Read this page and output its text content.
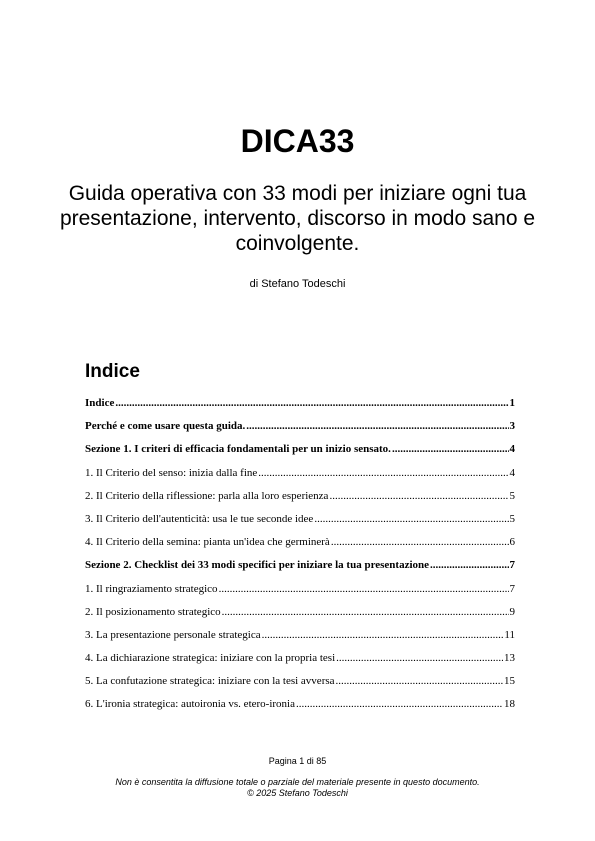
DICA33

Guida operativa con 33 modi per iniziare ogni tua presentazione, intervento, discorso in modo sano e coinvolgente.

di Stefano Todeschi
Indice
Indice .....	1
Perché e come usare questa guida. .....	3
Sezione 1. I criteri di efficacia fondamentali per un inizio sensato. .....	4
1. Il Criterio del senso: inizia dalla fine .....	4
2. Il Criterio della riflessione: parla alla loro esperienza .....	5
3. Il Criterio dell'autenticità: usa le tue seconde idee .....	5
4. Il Criterio della semina: pianta un'idea che germinerà .....	6
Sezione 2. Checklist dei 33 modi specifici per iniziare la tua presentazione .....	7
1. Il ringraziamento strategico .....	7
2. Il posizionamento strategico .....	9
3. La presentazione personale strategica .....	11
4. La dichiarazione strategica: iniziare con la propria tesi .....	13
5. La confutazione strategica: iniziare con la tesi avversa .....	15
6. L'ironia strategica: autoironia vs. etero-ironia .....	18
Pagina 1 di 85
Non è consentita la diffusione totale o parziale del materiale presente in questo documento.
© 2025 Stefano Todeschi
